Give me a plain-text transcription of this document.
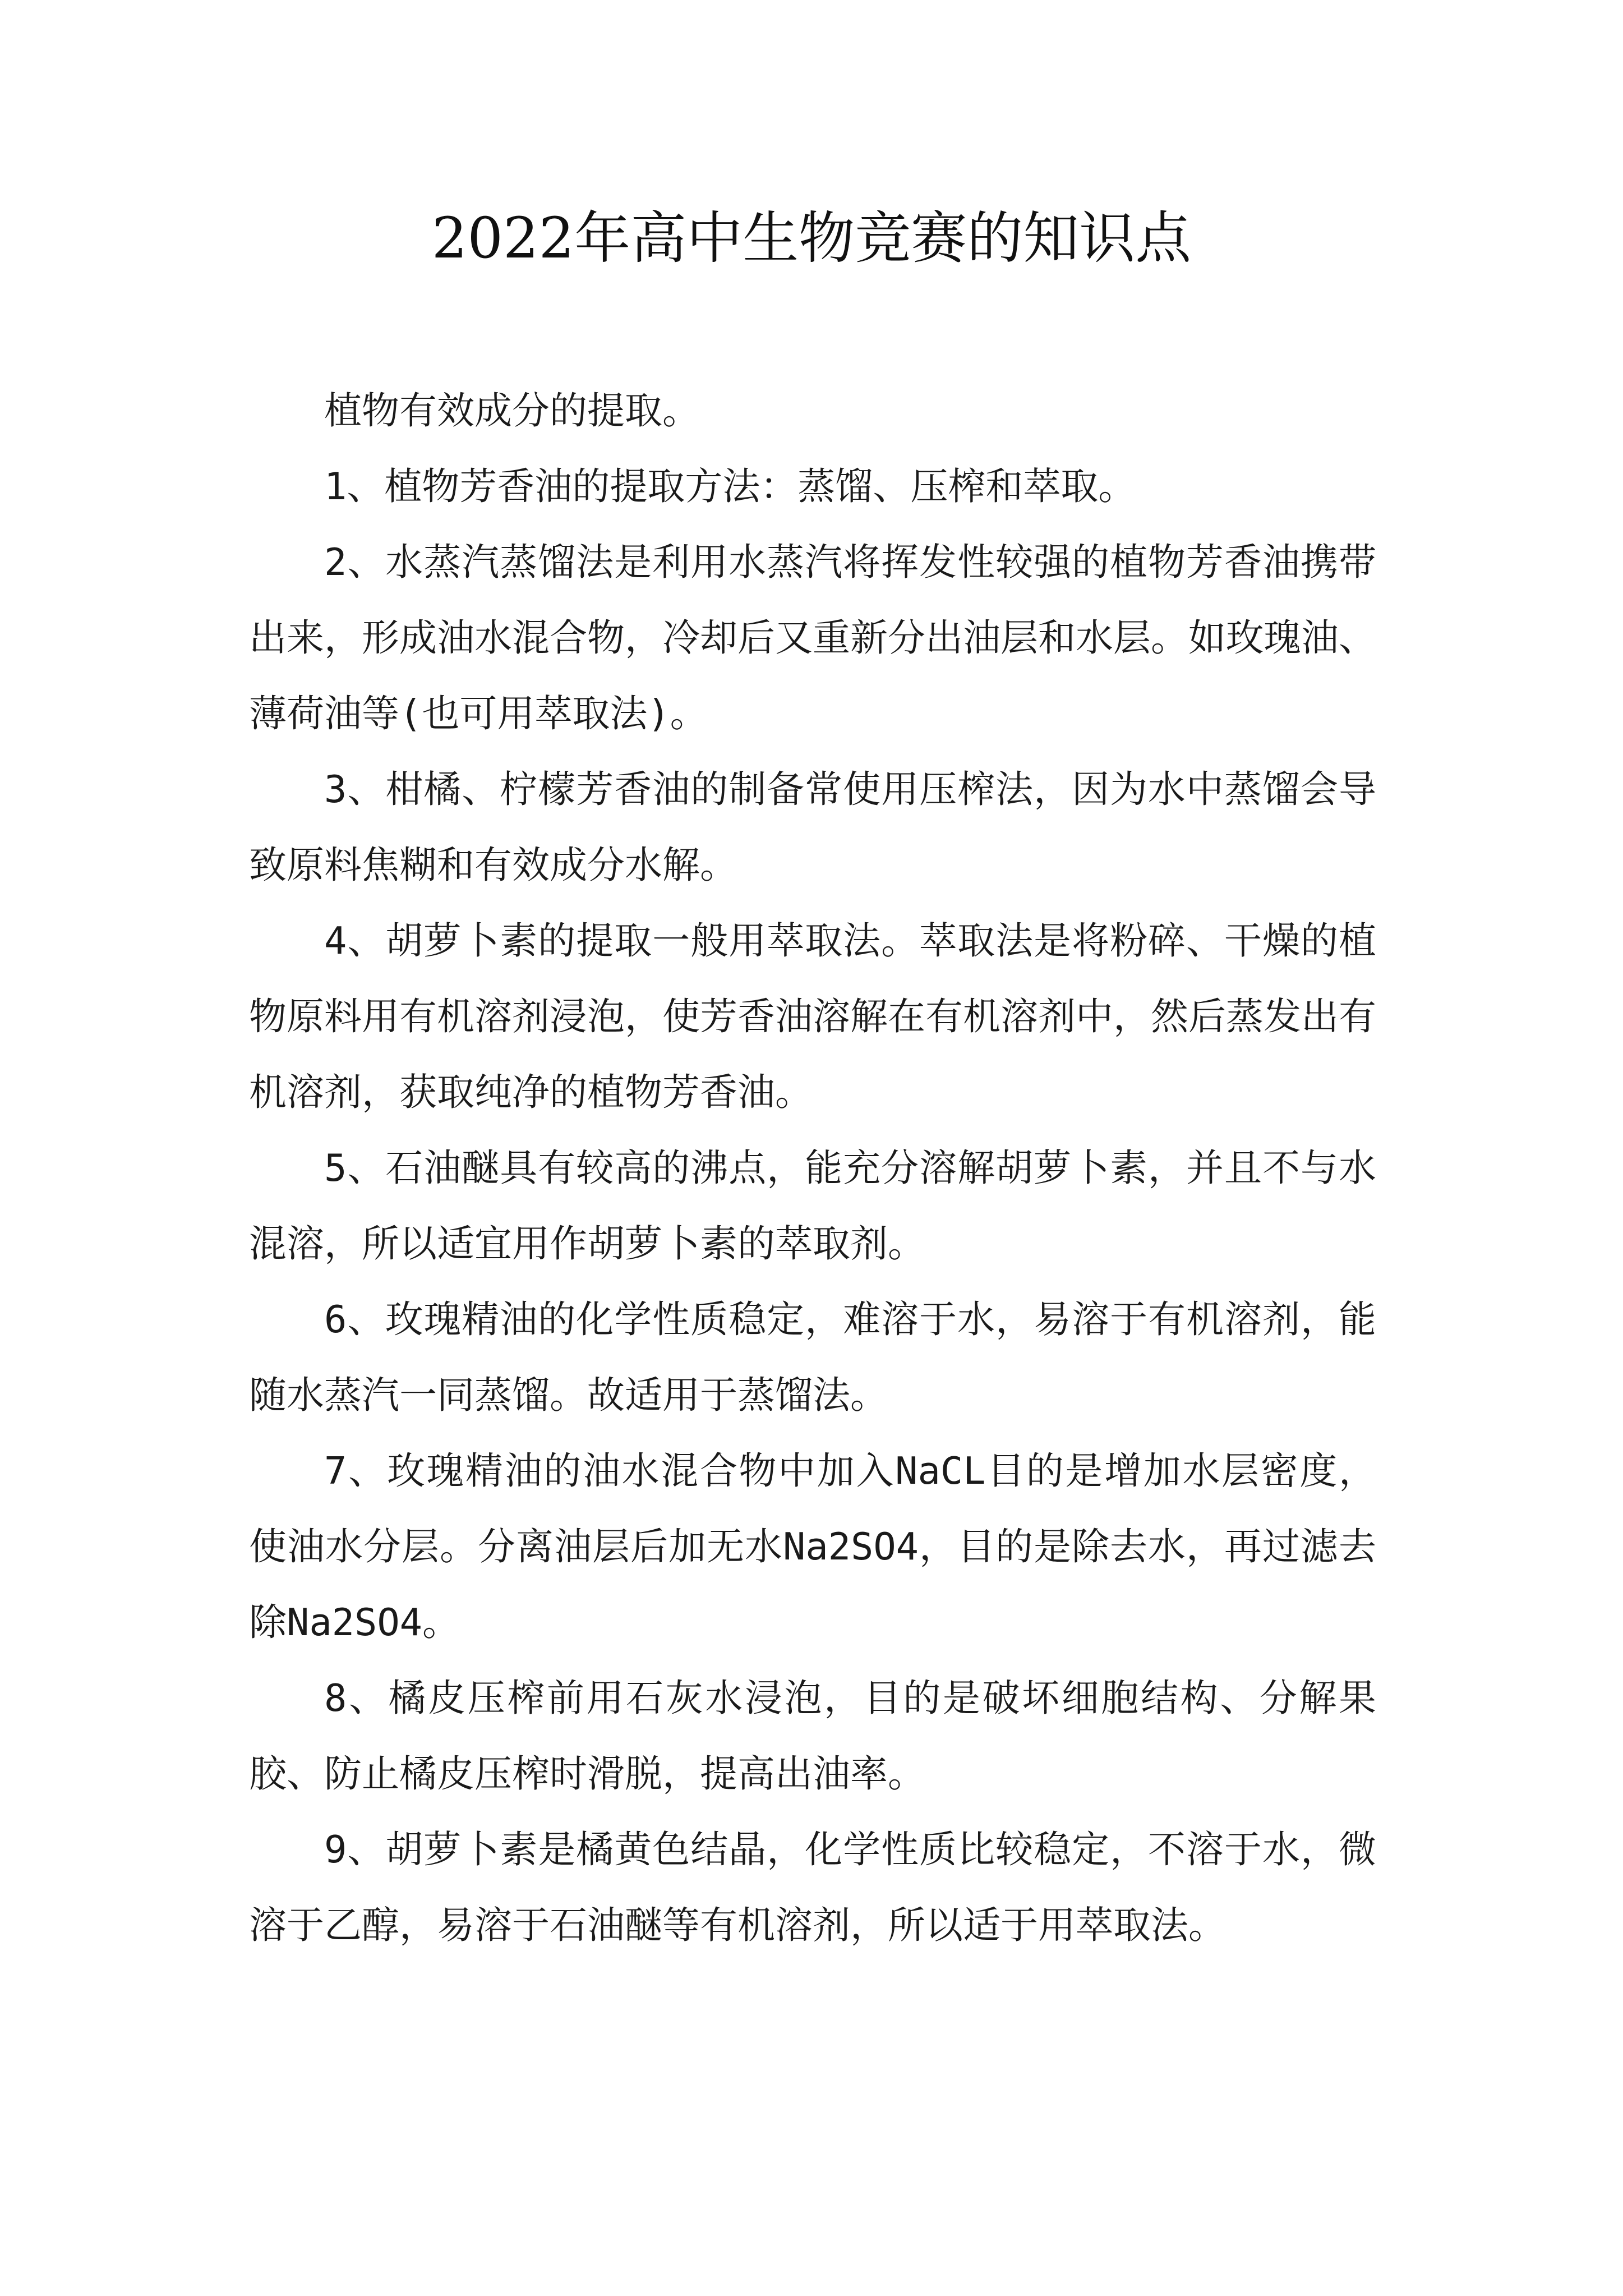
2022年高中生物竞赛的知识点

植物有效成分的提取。

1、植物芳香油的提取方法：蒸馏、压榨和萃取。

2、水蒸汽蒸馏法是利用水蒸汽将挥发性较强的植物芳香油携带出来，形成油水混合物，冷却后又重新分出油层和水层。如玫瑰油、薄荷油等(也可用萃取法)。

3、柑橘、柠檬芳香油的制备常使用压榨法，因为水中蒸馏会导致原料焦糊和有效成分水解。

4、胡萝卜素的提取一般用萃取法。萃取法是将粉碎、干燥的植物原料用有机溶剂浸泡，使芳香油溶解在有机溶剂中，然后蒸发出有机溶剂，获取纯净的植物芳香油。

5、石油醚具有较高的沸点，能充分溶解胡萝卜素，并且不与水混溶，所以适宜用作胡萝卜素的萃取剂。

6、玫瑰精油的化学性质稳定，难溶于水，易溶于有机溶剂，能随水蒸汽一同蒸馏。故适用于蒸馏法。

7、玫瑰精油的油水混合物中加入NaCL目的是增加水层密度，使油水分层。分离油层后加无水Na2SO4，目的是除去水，再过滤去除Na2SO4。

8、橘皮压榨前用石灰水浸泡，目的是破坏细胞结构、分解果胶、防止橘皮压榨时滑脱，提高出油率。

9、胡萝卜素是橘黄色结晶，化学性质比较稳定，不溶于水，微溶于乙醇，易溶于石油醚等有机溶剂，所以适于用萃取法。
